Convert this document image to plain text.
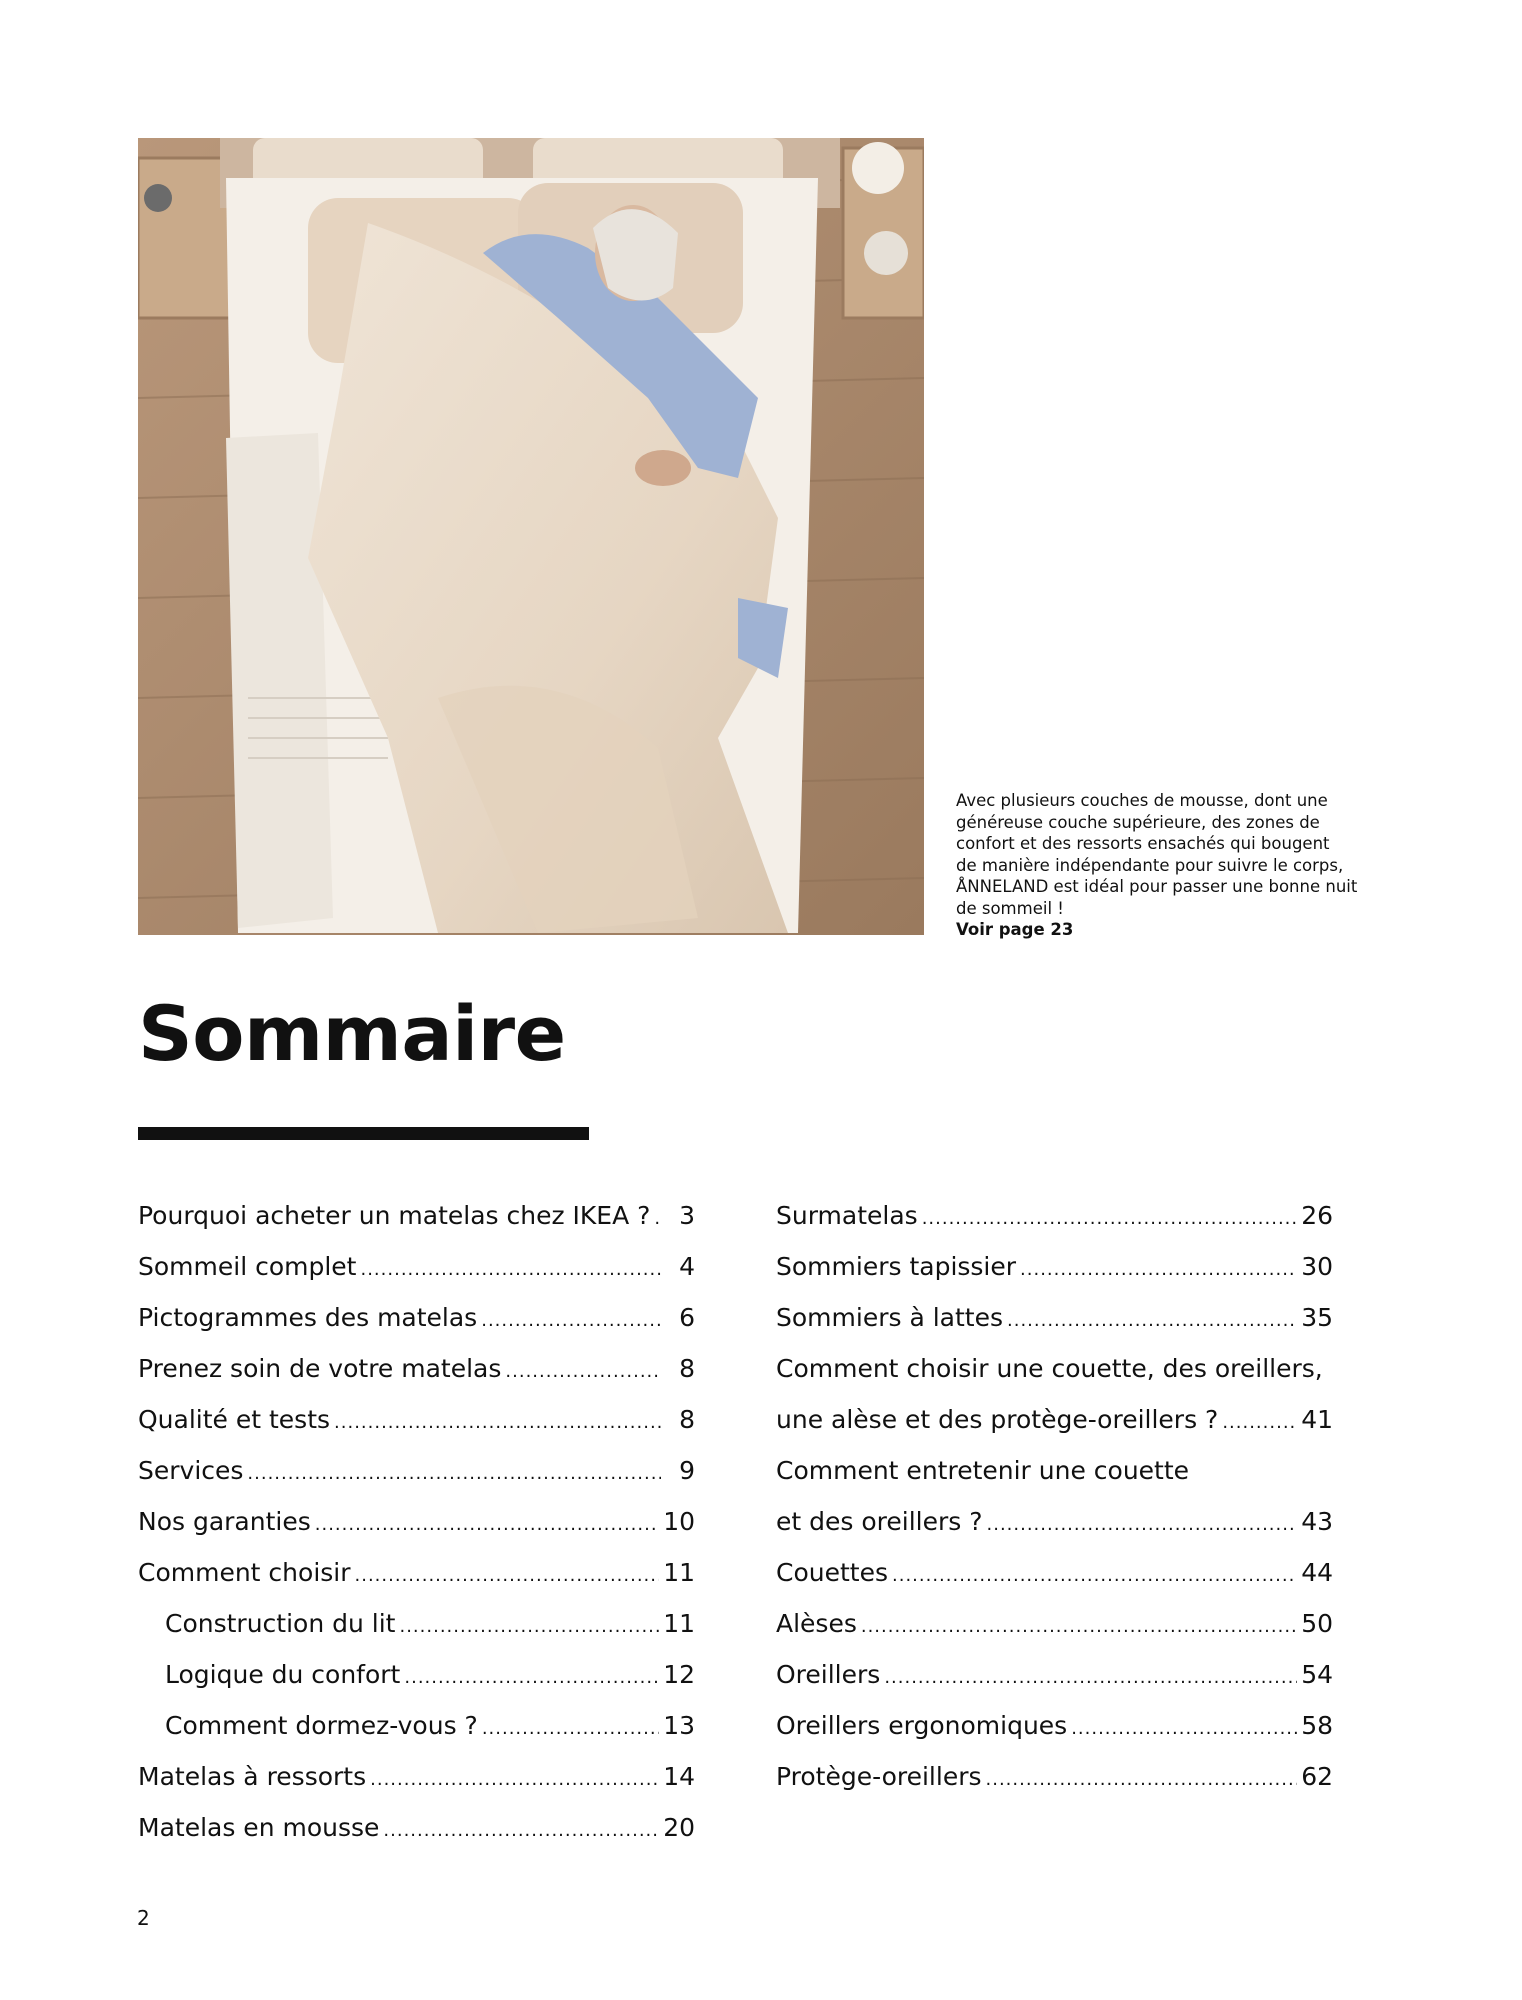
Avec plusieurs couches de mousse, dont une
généreuse couche supérieure, des zones de
confort et des ressorts ensachés qui bougent
de manière indépendante pour suivre le corps,
ÅNNELAND est idéal pour passer une bonne nuit
de sommeil !
Voir page 23
Sommaire
Pourquoi acheter un matelas chez IKEA ? .....	3
Sommeil complet .....	4
Pictogrammes des matelas .....	6
Prenez soin de votre matelas .....	8
Qualité et tests .....	8
Services .....	9
Nos garanties .....	10
Comment choisir .....	11
Construction du lit .....	11
Logique du confort .....	12
Comment dormez-vous ? .....	13
Matelas à ressorts .....	14
Matelas en mousse .....	20
Surmatelas .....	26
Sommiers tapissier .....	30
Sommiers à lattes .....	35
Comment choisir une couette, des oreillers,
une alèse et des protège-oreillers ? .....	41
Comment entretenir une couette
et des oreillers ? .....	43
Couettes .....	44
Alèses .....	50
Oreillers .....	54
Oreillers ergonomiques .....	58
Protège-oreillers .....	62
2
